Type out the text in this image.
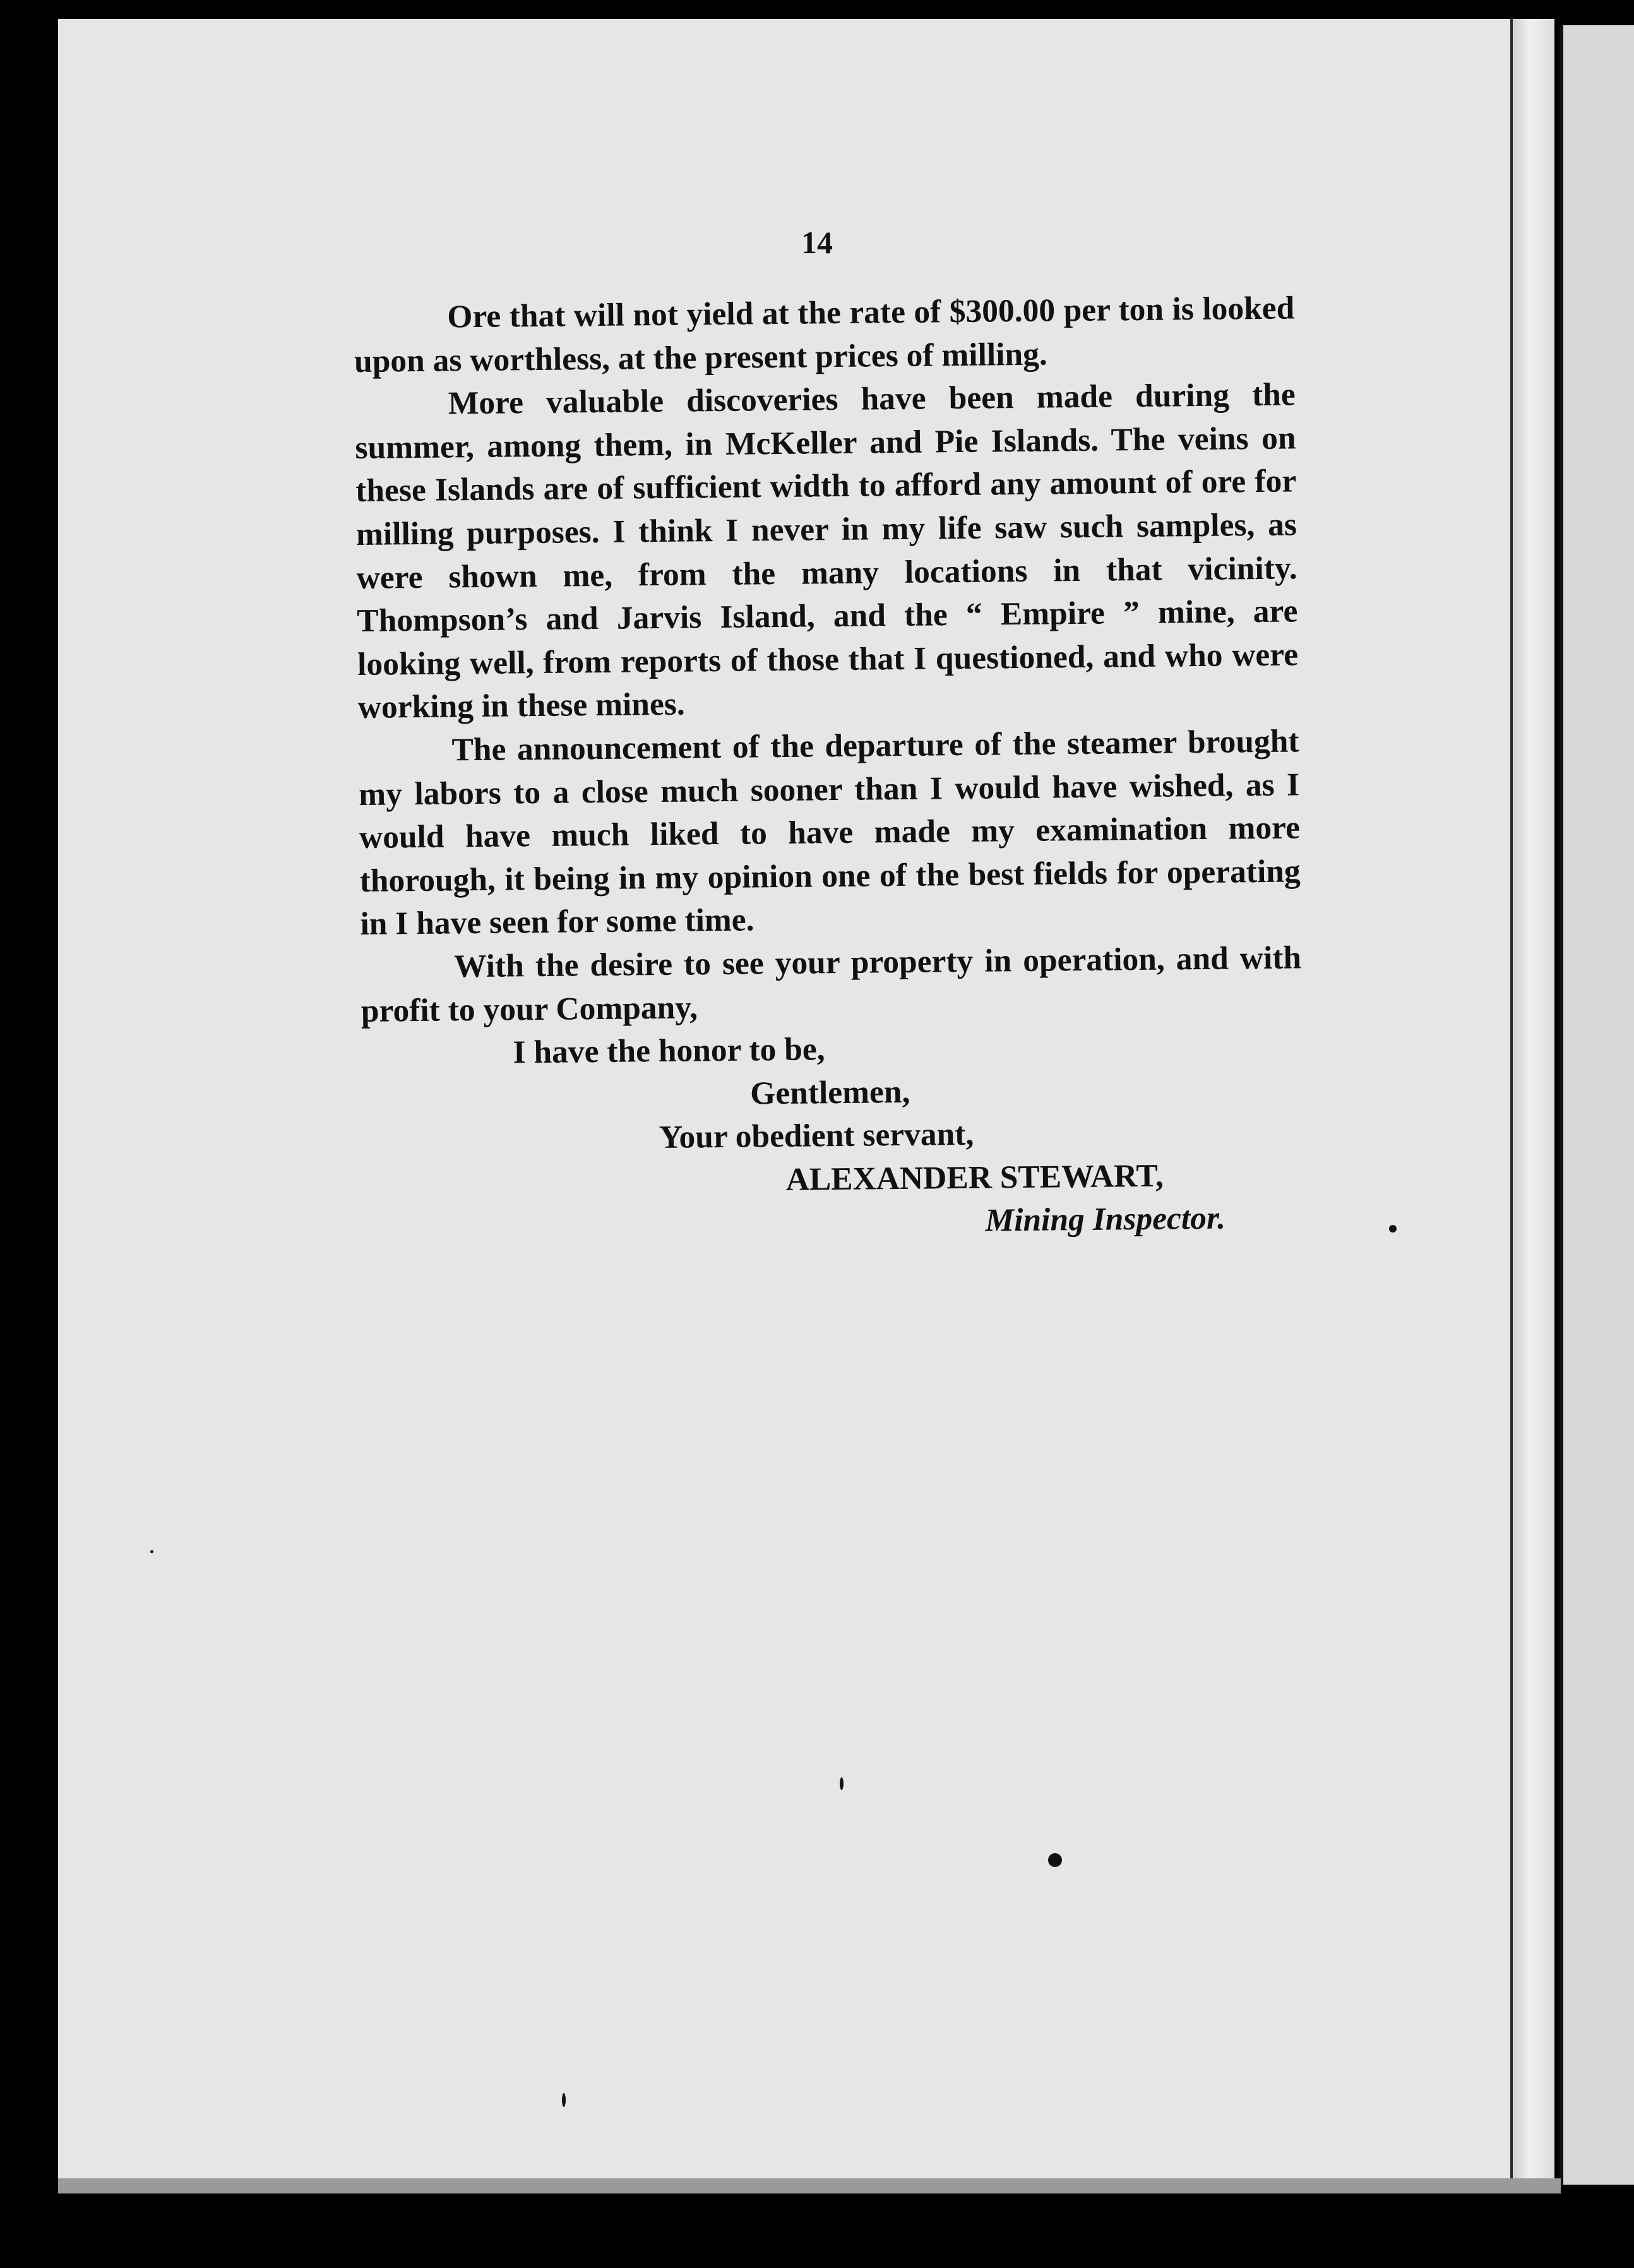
14

Ore that will not yield at the rate of $300.00 per ton is looked upon as worthless, at the present prices of milling.

More valuable discoveries have been made during the summer, among them, in McKeller and Pie Islands. The veins on these Islands are of sufficient width to afford any amount of ore for milling purposes. I think I never in my life saw such samples, as were shown me, from the many locations in that vicinity. Thompson’s and Jarvis Island, and the “ Empire ” mine, are looking well, from reports of those that I questioned, and who were working in these mines.

The announcement of the departure of the steamer brought my labors to a close much sooner than I would have wished, as I would have much liked to have made my examination more thorough, it being in my opinion one of the best fields for operating in I have seen for some time.

With the desire to see your property in operation, and with profit to your Company,

I have the honor to be,
Gentlemen,
Your obedient servant,
ALEXANDER STEWART,
Mining Inspector.
